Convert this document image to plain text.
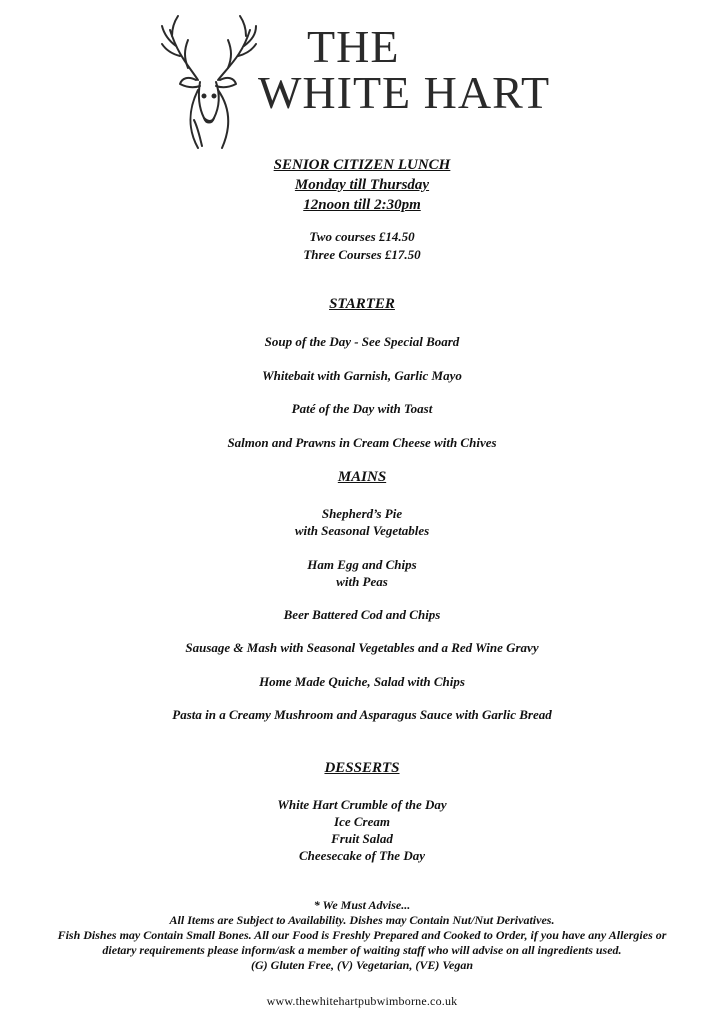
THE
WHITE HART
SENIOR CITIZEN LUNCH
Monday till Thursday
12noon till 2:30pm
Two courses £14.50
Three Courses £17.50
STARTER
Soup of the Day - See Special Board
Whitebait with Garnish, Garlic Mayo
Paté of the Day with Toast
Salmon and Prawns in Cream Cheese with Chives
MAINS
Shepherd’s Pie
with Seasonal Vegetables
Ham Egg and Chips
with Peas
Beer Battered Cod and Chips
Sausage & Mash with Seasonal Vegetables and a Red Wine Gravy
Home Made Quiche, Salad with Chips
Pasta in a Creamy Mushroom and Asparagus Sauce with Garlic Bread
DESSERTS
White Hart Crumble of the Day
Ice Cream
Fruit Salad
Cheesecake of The Day
* We Must Advise...
All Items are Subject to Availability. Dishes may Contain Nut/Nut Derivatives.
Fish Dishes may Contain Small Bones. All our Food is Freshly Prepared and Cooked to Order, if you have any Allergies or
dietary requirements please inform/ask a member of waiting staff who will advise on all ingredients used.
(G) Gluten Free, (V) Vegetarian, (VE) Vegan
www.thewhitehartpubwimborne.co.uk
